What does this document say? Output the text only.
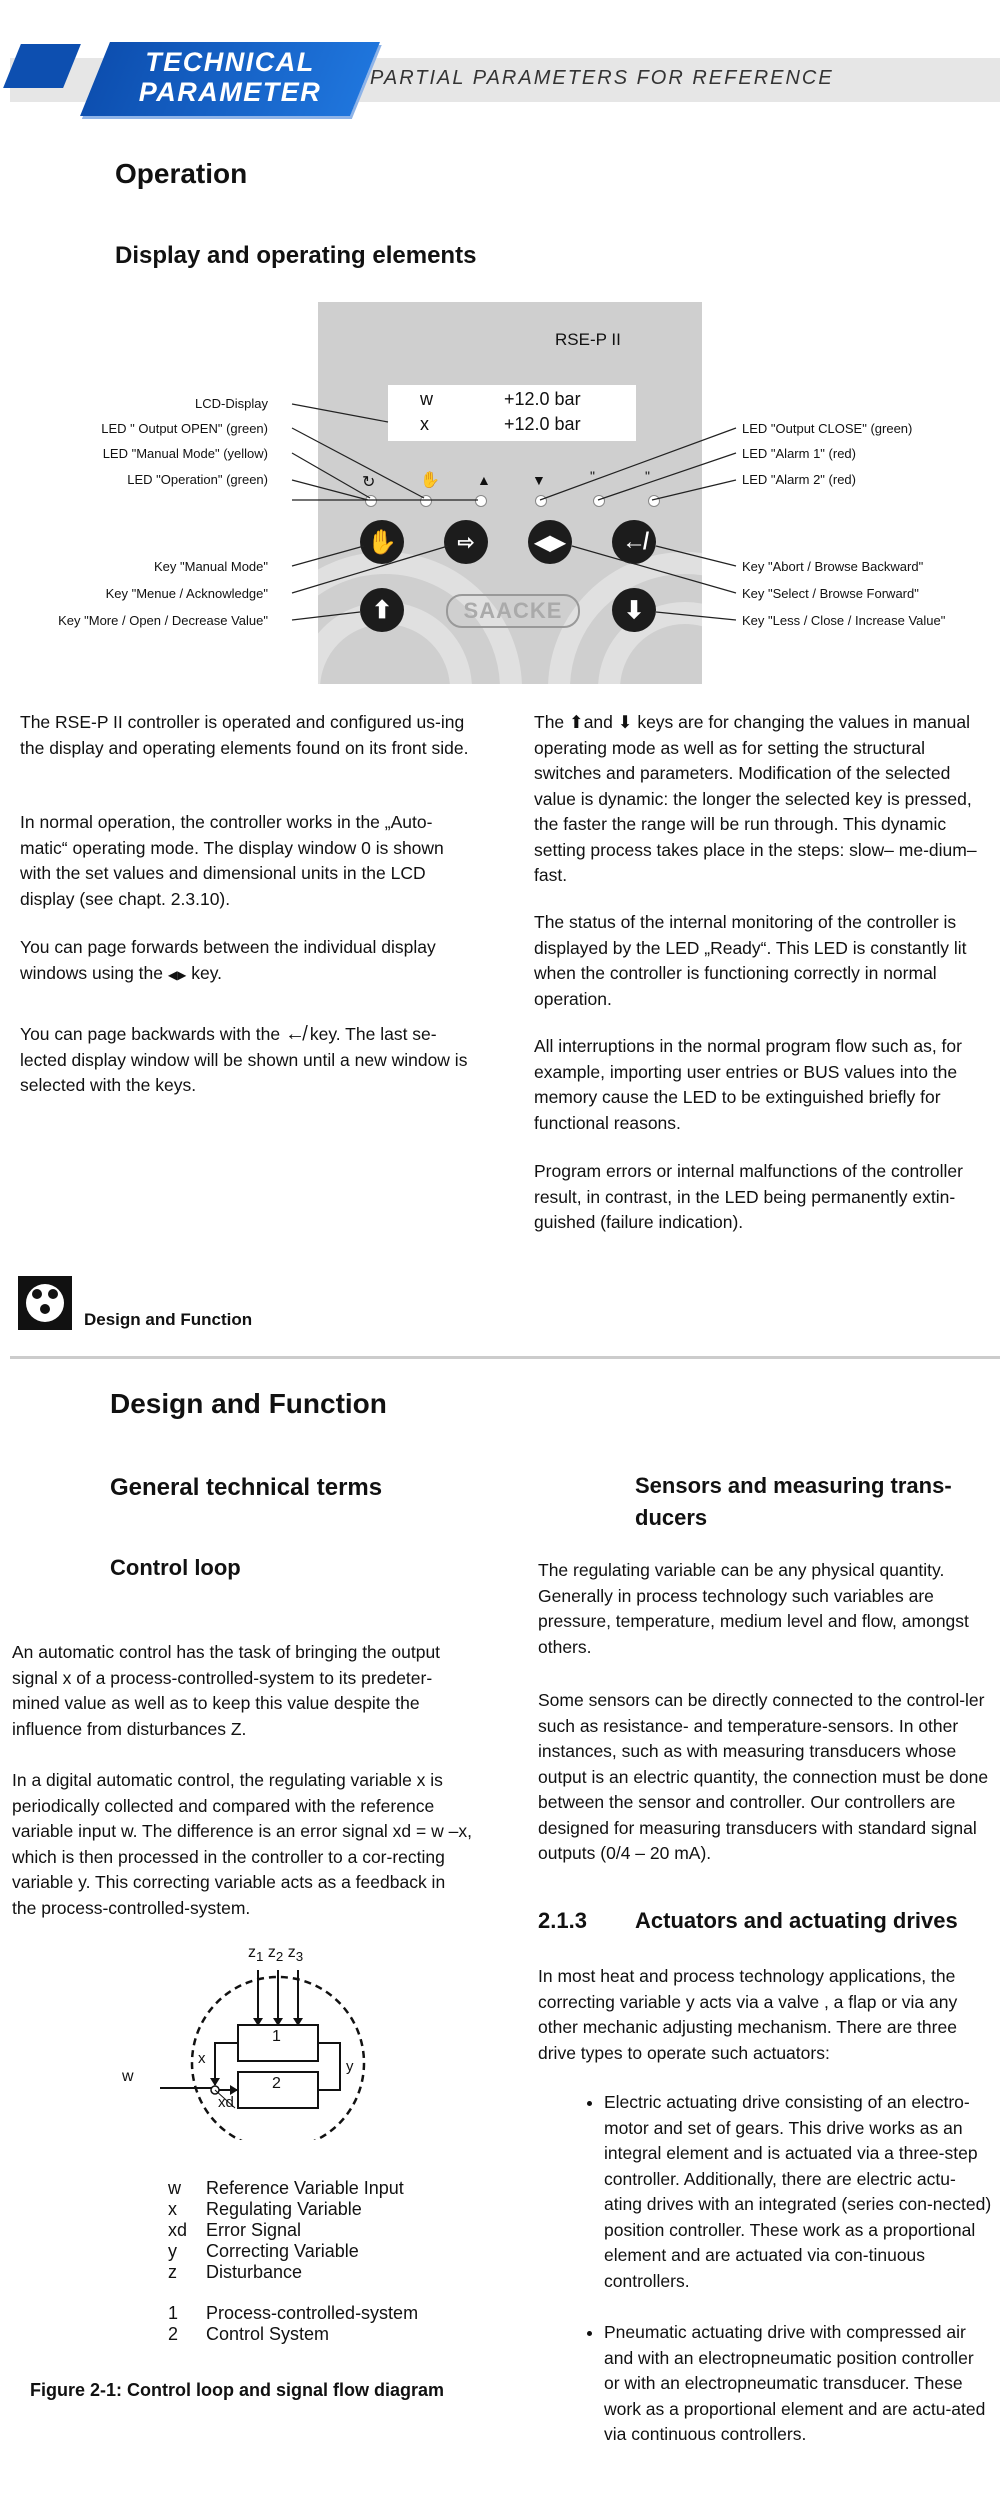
TECHNICAL
PARAMETER	PARTIAL PARAMETERS FOR REFERENCE
Operation
Display and operating elements
RSE-P II
w	+12.0 bar
x	+12.0 bar
↻	✋	▲	▼	ʺ	ʺ
✋	⇨	◀▶	↚
⬆	⬇
SAACKE
LCD-Display
LED " Output OPEN" (green)
LED "Manual Mode" (yellow)
LED "Operation" (green)
Key "Manual Mode"
Key "Menue / Acknowledge"
Key "More / Open / Decrease Value"
LED "Output CLOSE" (green)
LED "Alarm 1" (red)
LED "Alarm 2" (red)
Key "Abort / Browse Backward"
Key "Select / Browse Forward"
Key "Less / Close / Increase Value"
The RSE-P II controller is operated and configured us-ing the display and operating elements found on its front side.
In normal operation, the controller works in the „Auto-matic“ operating mode. The display window 0 is shown with the set values and dimensional units in the LCD display (see chapt. 2.3.10).
You can page forwards between the individual display windows using the ◀▶ key.
You can page backwards with the ↚ key. The last se-lected display window will be shown until a new window is selected with the keys.
The ⬆and ⬇ keys are for changing the values in manual operating mode as well as for setting the structural switches and parameters. Modification of the selected value is dynamic: the longer the selected key is pressed, the faster the range will be run through. This dynamic setting process takes place in the steps: slow– me-dium– fast.
The status of the internal monitoring of the controller is displayed by the LED „Ready“. This LED is constantly lit when the controller is functioning correctly in normal operation.
All interruptions in the normal program flow such as, for example, importing user entries or BUS values into the memory cause the LED to be extinguished briefly for functional reasons.
Program errors or internal malfunctions of the controller result, in contrast, in the LED being permanently extin-guished (failure indication).
Design and Function
Design and Function
General technical terms
Control loop
An automatic control has the task of bringing the output signal x of a process-controlled-system to its predeter-mined value as well as to keep this value despite the influence from disturbances Z.
In a digital automatic control, the regulating variable x is periodically collected and compared with the reference variable input w. The difference is an error signal xd = w –x, which is then processed in the controller to a cor-recting variable y. This correcting variable acts as a feedback in the process-controlled-system.
$z_1$ $z_2$ $z_3$
1
2
w
x
xd
y
w Reference Variable Input
x Regulating Variable
xd Error Signal
y Correcting Variable
z Disturbance
1 Process-controlled-system
2 Control System
Figure 2-1: Control loop and signal flow diagram
Sensors and measuring trans-ducers
The regulating variable can be any physical quantity. Generally in process technology such variables are pressure, temperature, medium level and flow, amongst others.
Some sensors can be directly connected to the control-ler such as resistance- and temperature-sensors. In other instances, such as with measuring transducers whose output is an electric quantity, the connection must be done between the sensor and controller. Our controllers are designed for measuring transducers with standard signal outputs (0/4 – 20 mA).
2.1.3 Actuators and actuating drives
In most heat and process technology applications, the correcting variable y acts via a valve , a flap or via any other mechanic adjusting mechanism. There are three drive types to operate such actuators:
• Electric actuating drive consisting of an electro-motor and set of gears. This drive works as an integral element and is actuated via a three-step controller. Additionally, there are electric actu-ating drives with an integrated (series con-nected) position controller. These work as a proportional element and are actuated via con-tinuous controllers.
• Pneumatic actuating drive with compressed air and with an electropneumatic position controller or with an electropneumatic transducer. These work as a proportional element and are actu-ated via continuous controllers.
